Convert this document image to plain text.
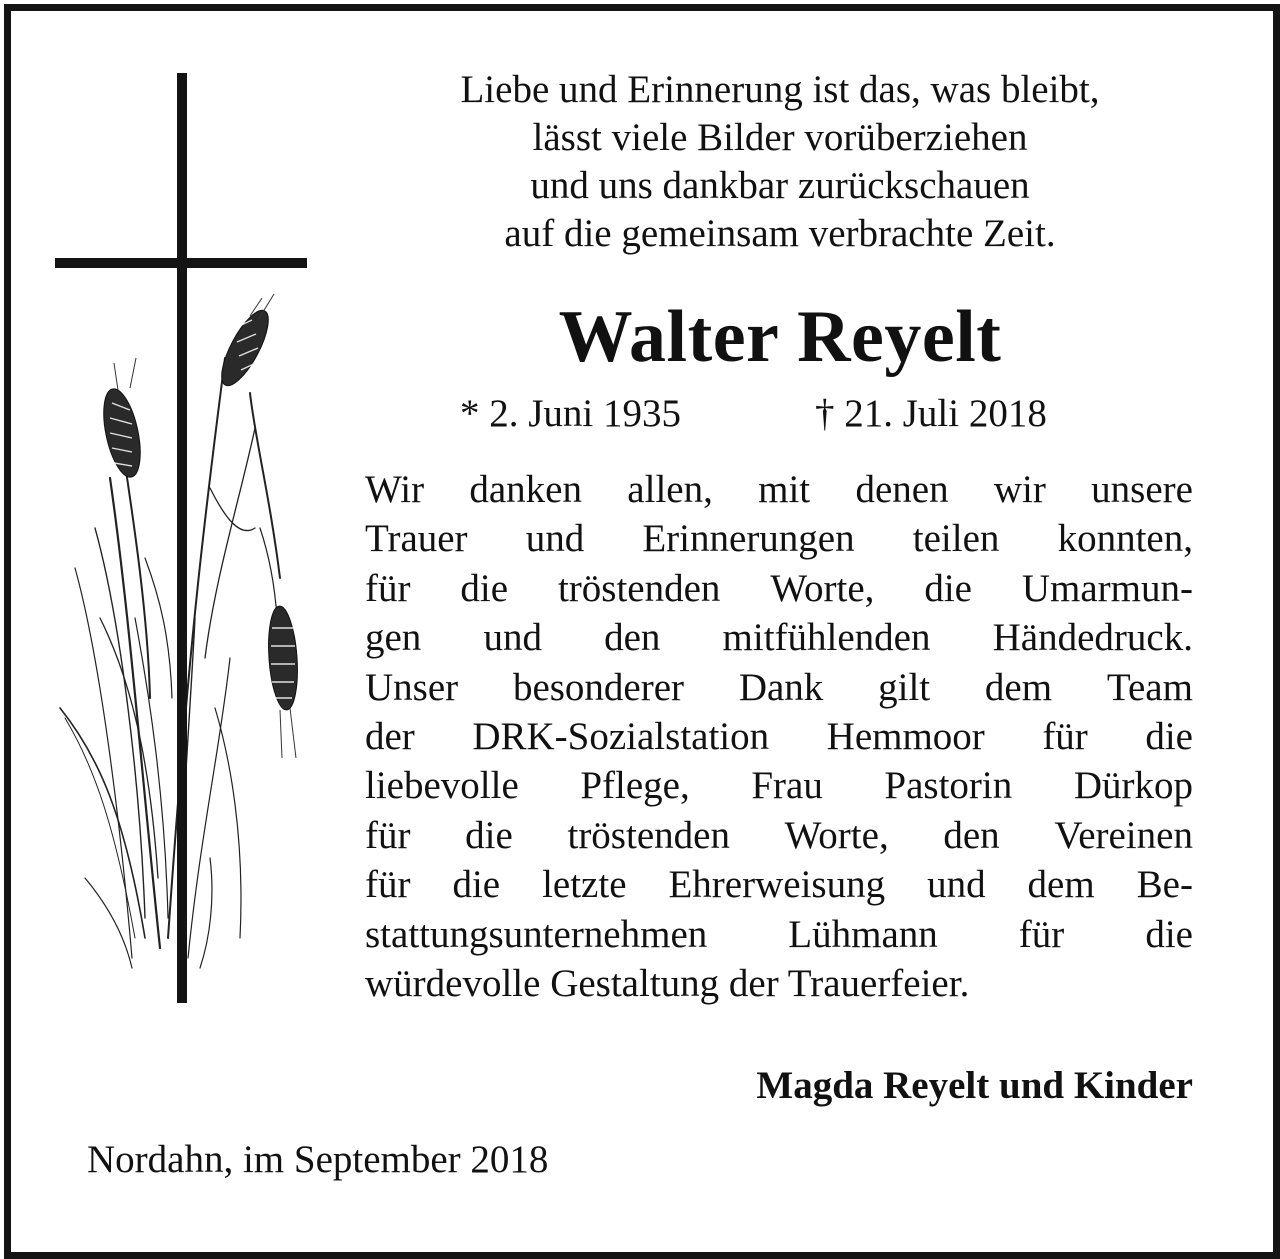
Liebe und Erinnerung ist das, was bleibt,
lässt viele Bilder vorüberziehen
und uns dankbar zurückschauen
auf die gemeinsam verbrachte Zeit.
Walter Reyelt
* 2. Juni 1935	† 21. Juli 2018
Wir danken allen, mit denen wir unsere
Trauer und Erinnerungen teilen konnten,
für die tröstenden Worte, die Umarmun-
gen und den mitfühlenden Händedruck.
Unser besonderer Dank gilt dem Team
der DRK-Sozialstation Hemmoor für die
liebevolle Pflege, Frau Pastorin Dürkop
für die tröstenden Worte, den Vereinen
für die letzte Ehrerweisung und dem Be-
stattungsunternehmen Lühmann für die
würdevolle Gestaltung der Trauerfeier.
Magda Reyelt und Kinder
Nordahn, im September 2018
